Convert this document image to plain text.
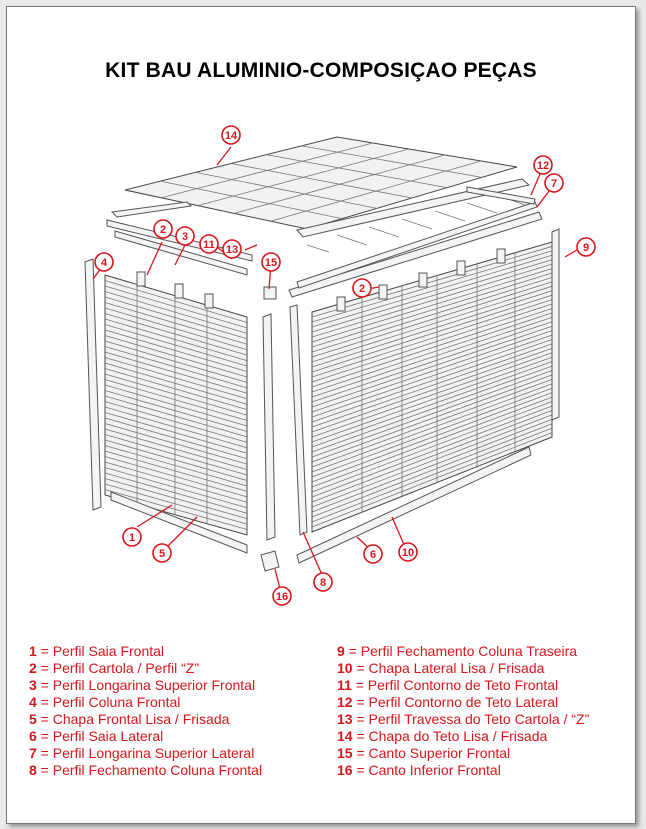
KIT BAU ALUMINIO-COMPOSIÇAO PEÇAS
1
2
3
11 13
14
12
7
9
4	15
2
5
16
8
6 10
1 = Perfil Saia Frontal
2 = Perfil Cartola / Perfil “Z”
3 = Perfil Longarina Superior Frontal
4 = Perfil Coluna Frontal
5 = Chapa Frontal Lisa / Frisada
6 = Perfil Saia Lateral
7 = Perfil Longarina Superior Lateral
8 = Perfil Fechamento Coluna Frontal
9 = Perfil Fechamento Coluna Traseira
10 = Chapa Lateral Lisa / Frisada
11 = Perfil Contorno de Teto Frontal
12 = Perfil Contorno de Teto Lateral
13 = Perfil Travessa do Teto Cartola / “Z”
14 = Chapa do Teto Lisa / Frisada
15 = Canto Superior Frontal
16 = Canto Inferior Frontal
